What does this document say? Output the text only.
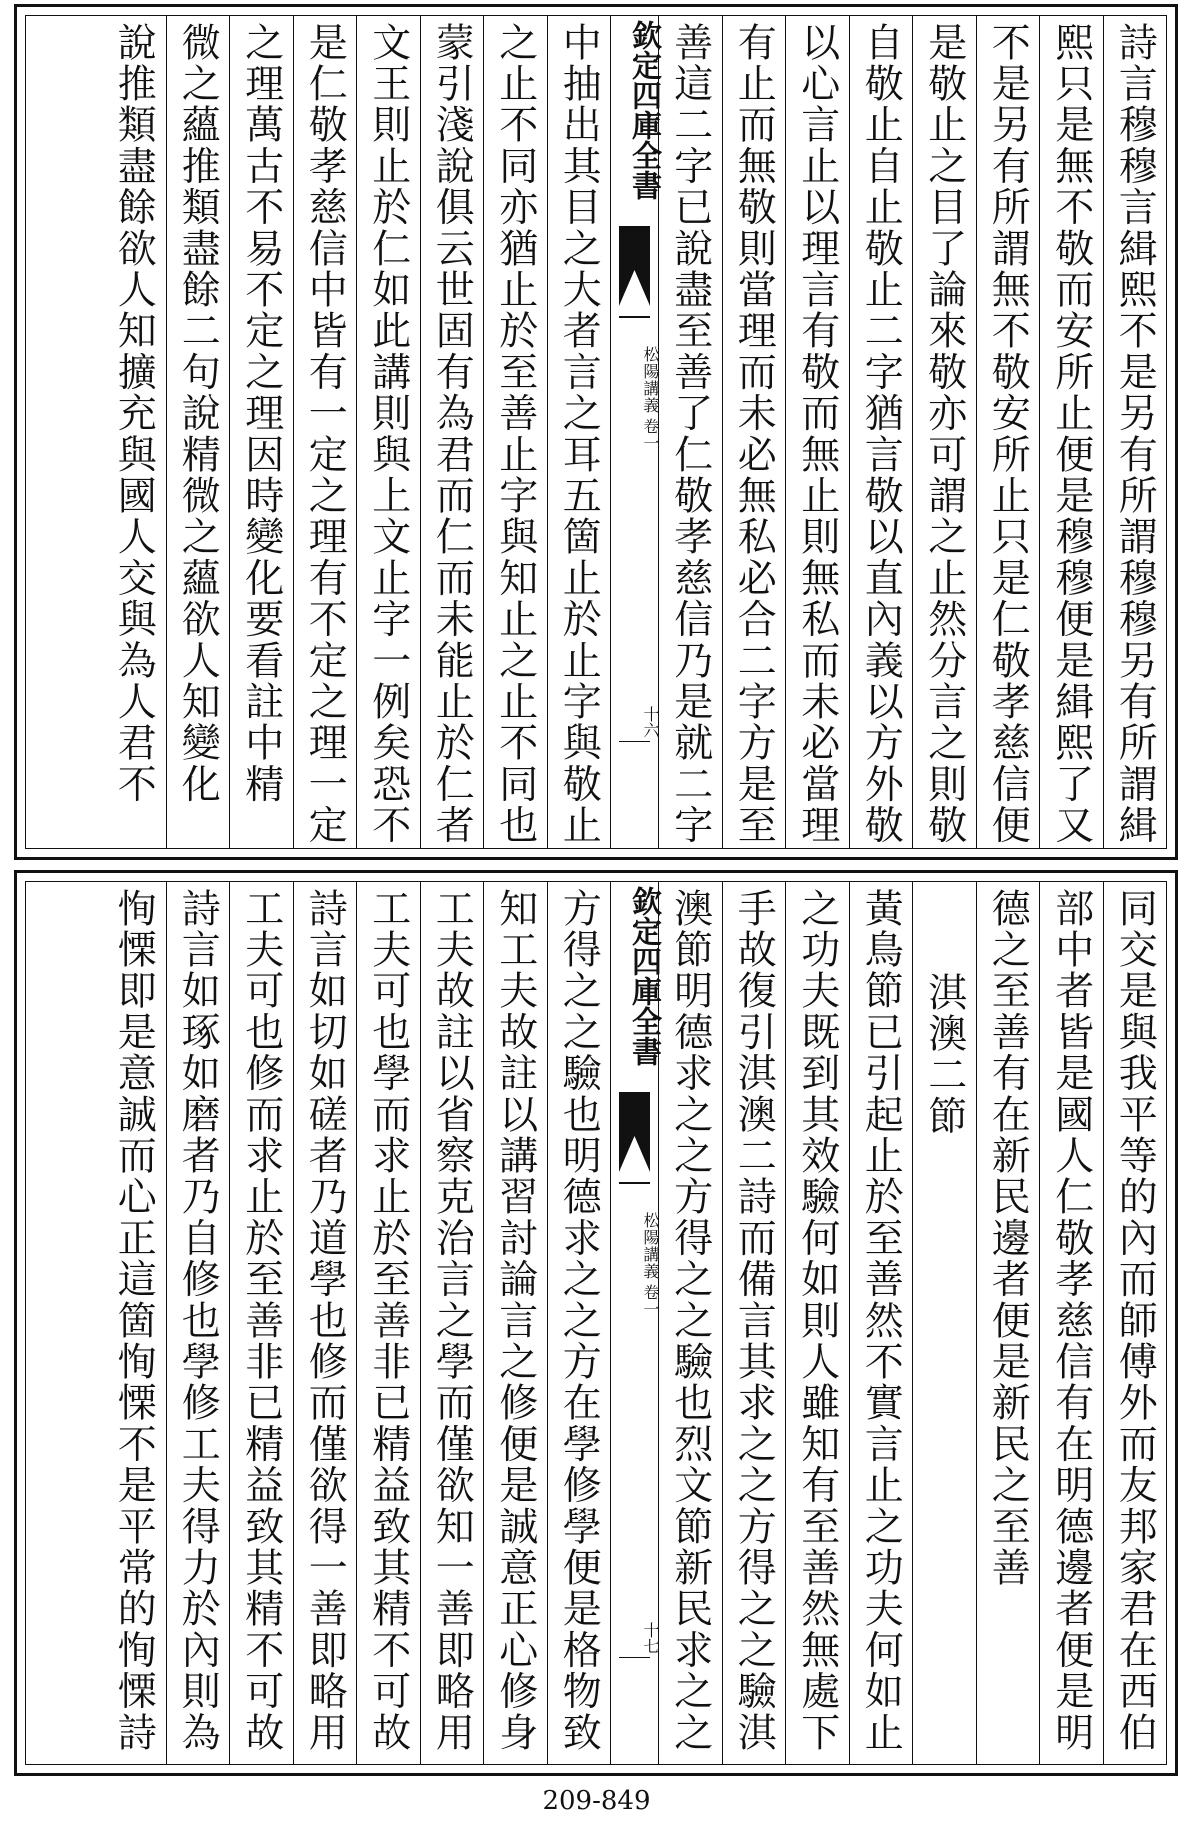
詩言穆穆言緝熙不是另有所謂穆穆另有所謂緝
熙只是無不敬而安所止便是穆穆便是緝熙了又
不是另有所謂無不敬安所止只是仁敬孝慈信便
是敬止之目了論來敬亦可謂之止然分言之則敬
自敬止自止敬止二字猶言敬以直內義以方外敬
以心言止以理言有敬而無止則無私而未必當理
有止而無敬則當理而未必無私必合二字方是至
善這二字已說盡至善了仁敬孝慈信乃是就二字
欽定四庫全書
松陽講義
卷一
十六
中抽出其目之大者言之耳五箇止於止字與敬止
之止不同亦猶止於至善止字與知止之止不同也
蒙引淺說俱云世固有為君而仁而未能止於仁者
文王則止於仁如此講則與上文止字一例矣恐不
是仁敬孝慈信中皆有一定之理有不定之理一定
之理萬古不易不定之理因時變化要看註中精
微之蘊推類盡餘二句說精微之蘊欲人知變化
說推類盡餘欲人知擴充與國人交與為人君不
同交是與我平等的內而師傅外而友邦家君在西伯
部中者皆是國人仁敬孝慈信有在明德邊者便是明
德之至善有在新民邊者便是新民之至善
淇澳二節
黃鳥節已引起止於至善然不實言止之功夫何如止
之功夫既到其效驗何如則人雖知有至善然無處下
手故復引淇澳二詩而備言其求之之方得之之驗淇
澳節明德求之之方得之之驗也烈文節新民求之之
欽定四庫全書
松陽講義
卷一
十七
方得之之驗也明德求之之方在學修學便是格物致
知工夫故註以講習討論言之修便是誠意正心修身
工夫故註以省察克治言之學而僅欲知一善即略用
工夫可也學而求止於至善非已精益致其精不可故
詩言如切如磋者乃道學也修而僅欲得一善即略用
工夫可也修而求止於至善非已精益致其精不可故
詩言如琢如磨者乃自修也學修工夫得力於內則為
恂慄即是意誠而心正這箇恂慄不是平常的恂慄詩
209-849
